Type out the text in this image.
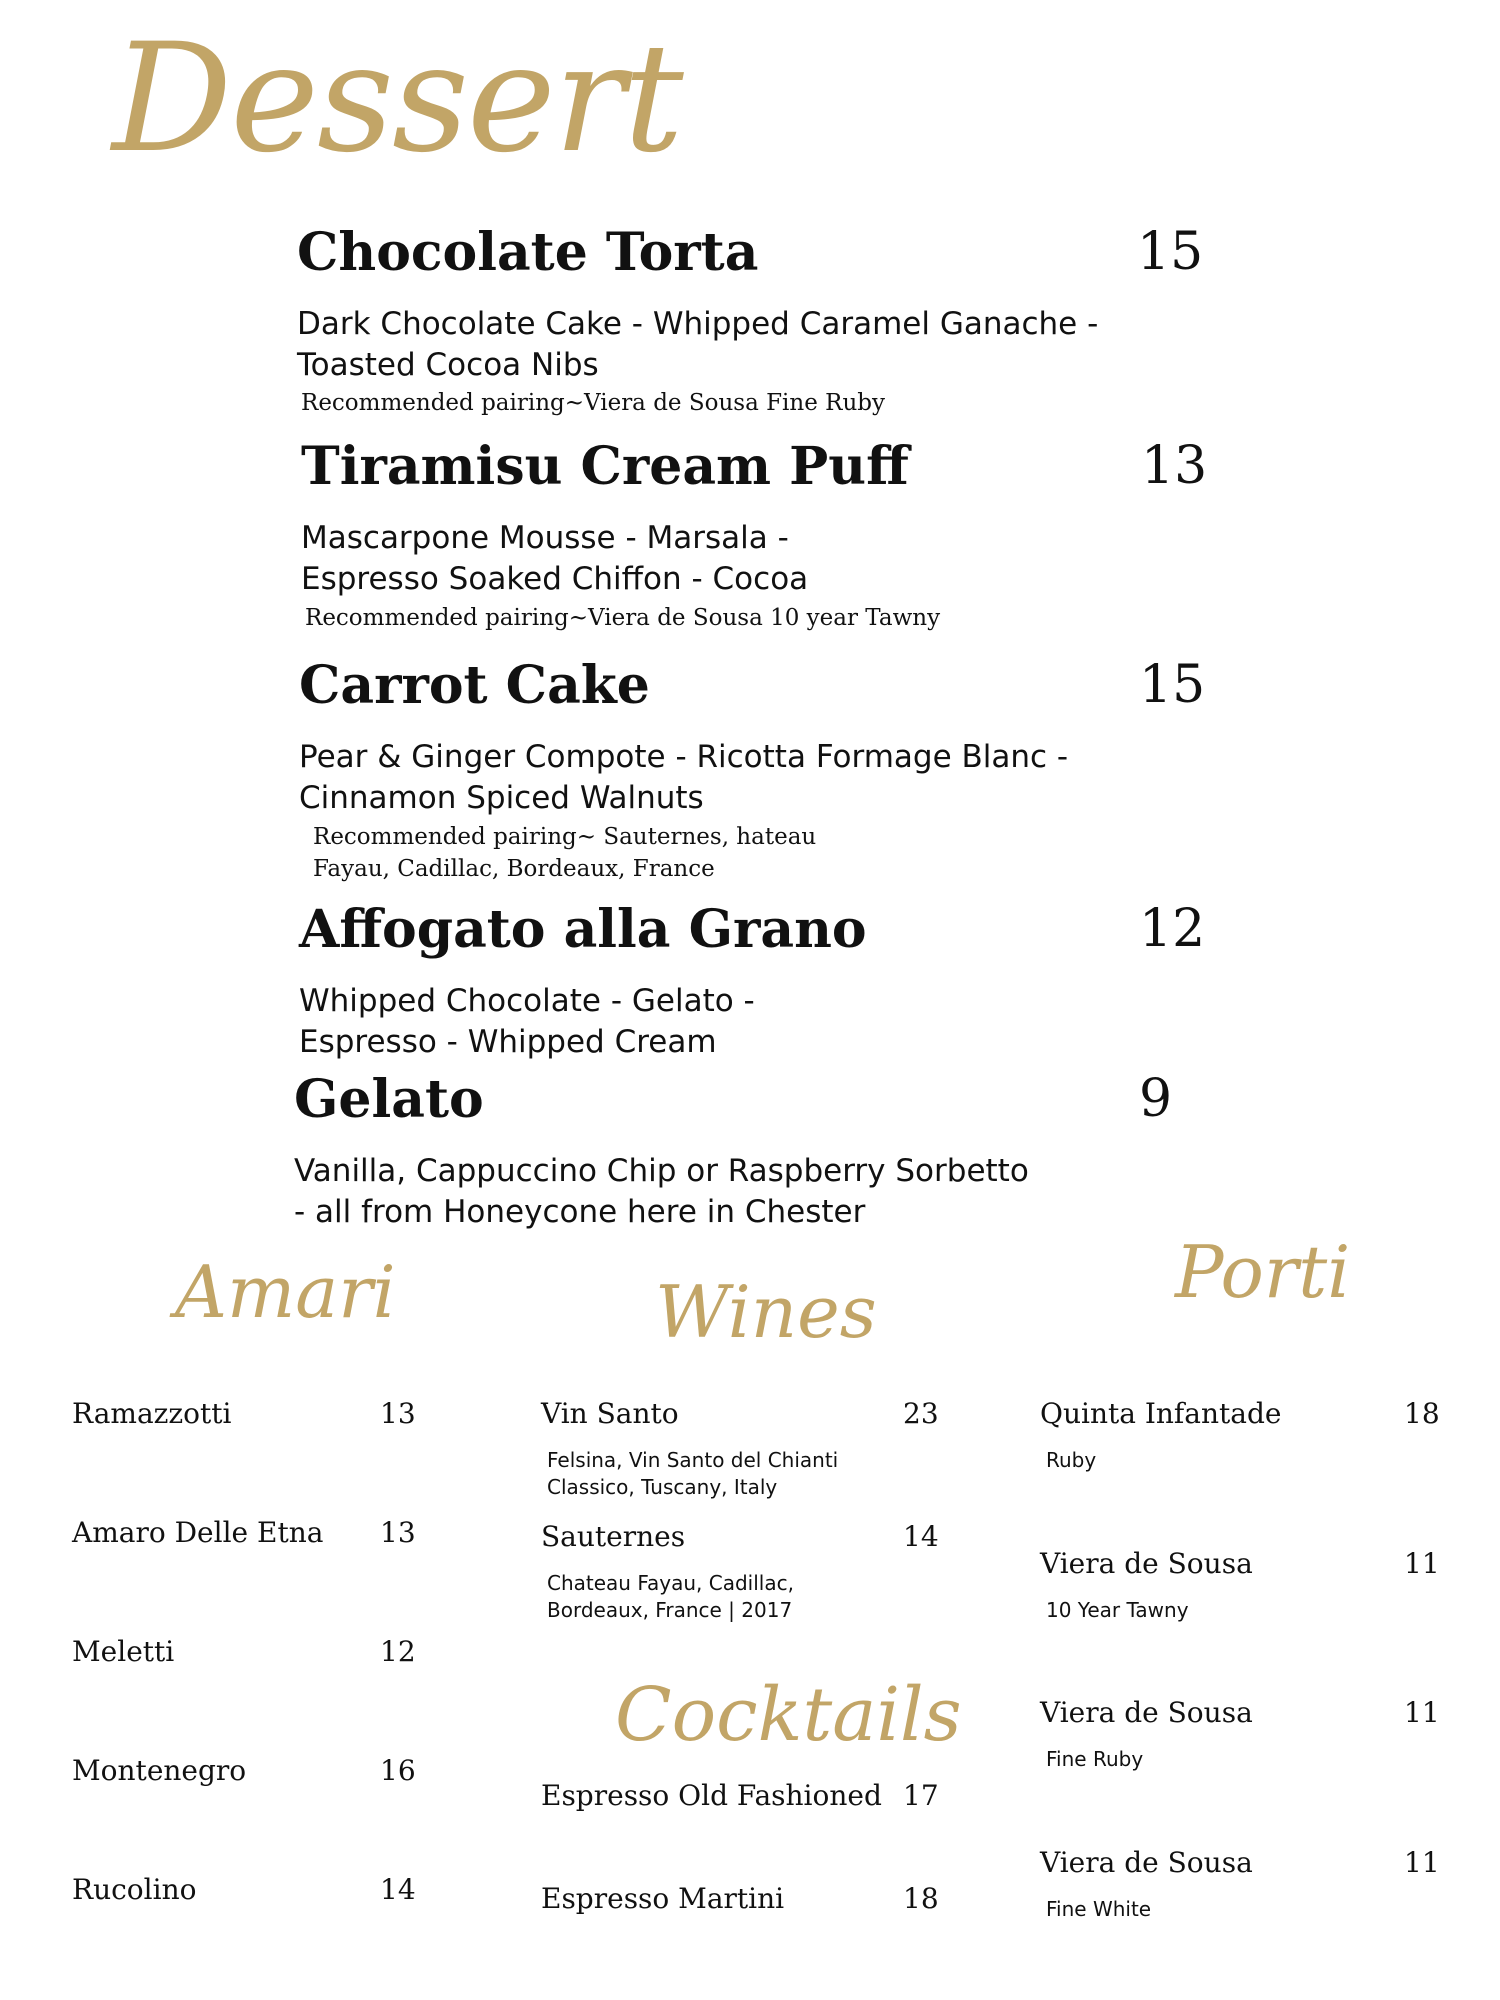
Dessert
Chocolate Torta	15
Dark Chocolate Cake - Whipped Caramel Ganache -
Toasted Cocoa Nibs
Recommended pairing~Viera de Sousa Fine Ruby
Tiramisu Cream Puff	13
Mascarpone Mousse - Marsala -
Espresso Soaked Chiffon - Cocoa
Recommended pairing~Viera de Sousa 10 year Tawny
Carrot Cake	15
Pear & Ginger Compote - Ricotta Formage Blanc -
Cinnamon Spiced Walnuts
Recommended pairing~ Sauternes, hateau
Fayau, Cadillac, Bordeaux, France
Affogato alla Grano	12
Whipped Chocolate - Gelato -
Espresso - Whipped Cream
Gelato	9
Vanilla, Cappuccino Chip or Raspberry Sorbetto
- all from Honeycone here in Chester
Amari	Wines	Porti
Cocktails
Ramazzotti	13
Amaro Delle Etna 13
Meletti	12
Montenegro	16
Rucolino	14
Vin Santo	23
Felsina, Vin Santo del Chianti
Classico, Tuscany, Italy
Sauternes	14
Chateau Fayau, Cadillac,
Bordeaux, France | 2017
Espresso Old Fashioned 17
Espresso Martini	18
Quinta Infantade	18
Ruby
Viera de Sousa	11
10 Year Tawny
Viera de Sousa	11
Fine Ruby
Viera de Sousa	11
Fine White
